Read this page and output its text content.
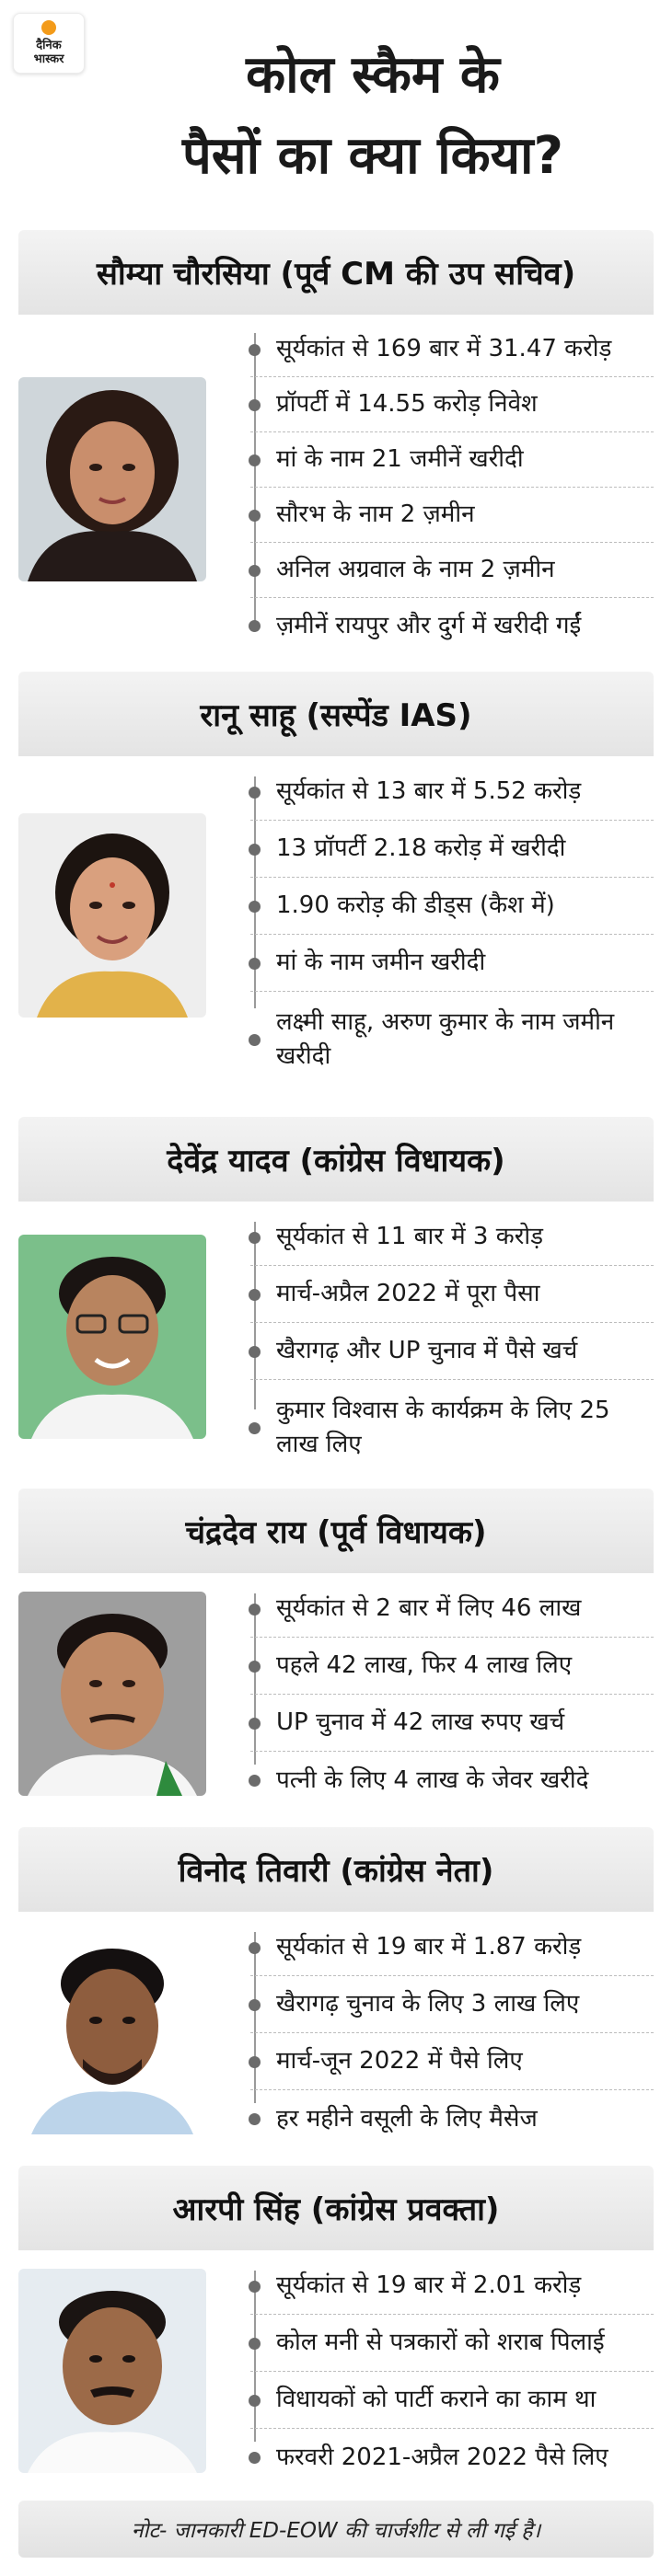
दैनिक
भास्कर	कोल स्कैम के
पैसों का क्या किया?
सौम्या चौरसिया (पूर्व CM की उप सचिव)
सूर्यकांत से 169 बार में 31.47 करोड़
प्रॉपर्टी में 14.55 करोड़ निवेश
मां के नाम 21 जमीनें खरीदी
सौरभ के नाम 2 ज़मीन
अनिल अग्रवाल के नाम 2 ज़मीन
ज़मीनें रायपुर और दुर्ग में खरीदी गईं
रानू साहू (सस्पेंड IAS)
सूर्यकांत से 13 बार में 5.52 करोड़
13 प्रॉपर्टी 2.18 करोड़ में खरीदी
1.90 करोड़ की डीड्स (कैश में)
मां के नाम जमीन खरीदी
लक्ष्मी साहू, अरुण कुमार के नाम जमीन खरीदी
देवेंद्र यादव (कांग्रेस विधायक)
सूर्यकांत से 11 बार में 3 करोड़
मार्च-अप्रैल 2022 में पूरा पैसा
खैरागढ़ और UP चुनाव में पैसे खर्च
कुमार विश्वास के कार्यक्रम के लिए 25 लाख लिए
चंद्रदेव राय (पूर्व विधायक)
सूर्यकांत से 2 बार में लिए 46 लाख
पहले 42 लाख, फिर 4 लाख लिए
UP चुनाव में 42 लाख रुपए खर्च
पत्नी के लिए 4 लाख के जेवर खरीदे
विनोद तिवारी (कांग्रेस नेता)
सूर्यकांत से 19 बार में 1.87 करोड़
खैरागढ़ चुनाव के लिए 3 लाख लिए
मार्च-जून 2022 में पैसे लिए
हर महीने वसूली के लिए मैसेज
आरपी सिंह (कांग्रेस प्रवक्ता)
सूर्यकांत से 19 बार में 2.01 करोड़
कोल मनी से पत्रकारों को शराब पिलाई
विधायकों को पार्टी कराने का काम था
फरवरी 2021-अप्रैल 2022 पैसे लिए
नोट- जानकारी ED-EOW की चार्जशीट से ली गई है।
